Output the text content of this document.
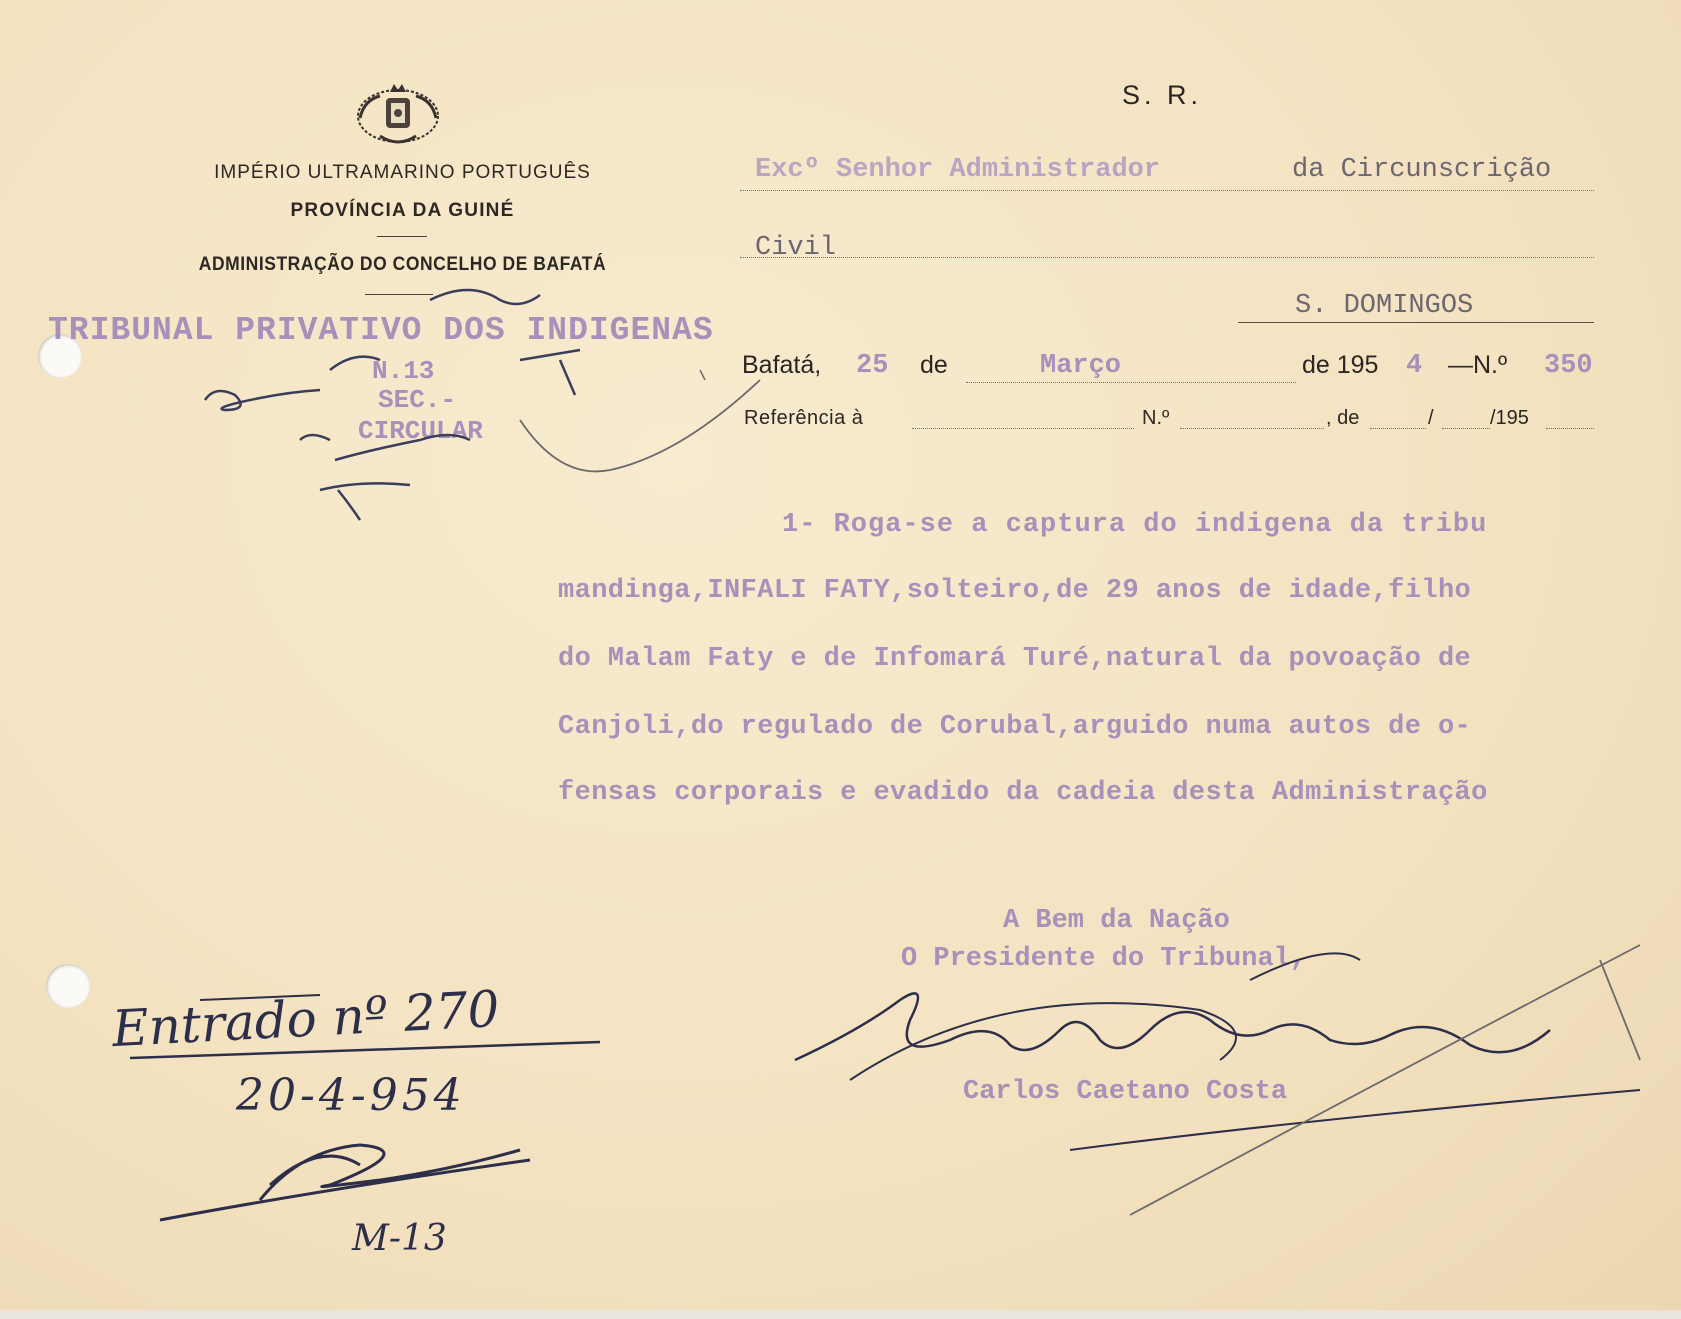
IMPÉRIO ULTRAMARINO PORTUGUÊS
PROVÍNCIA DA GUINÉ
ADMINISTRAÇÃO DO CONCELHO DE BAFATÁ
TRIBUNAL PRIVATIVO DOS INDIGENAS
N.13
SEC.-
CIRCULAR
S. R.
Excº Senhor Administrador	da Circunscrição
Civil
S. DOMINGOS
Bafatá, 25 de	Março	de 195 4 —N.º 350
Referência à	N.º	, de	/	/195
1- Roga-se a captura do indigena da tribu
mandinga,INFALI FATY,solteiro,de 29 anos de idade,filho
do Malam Faty e de Infomará Turé,natural da povoação de
Canjoli,do regulado de Corubal,arguido numa autos de o-
fensas corporais e evadido da cadeia desta Administração
A Bem da Nação
O Presidente do Tribunal,
Carlos Caetano Costa
Entrado nº 270
20-4-954
M-13
